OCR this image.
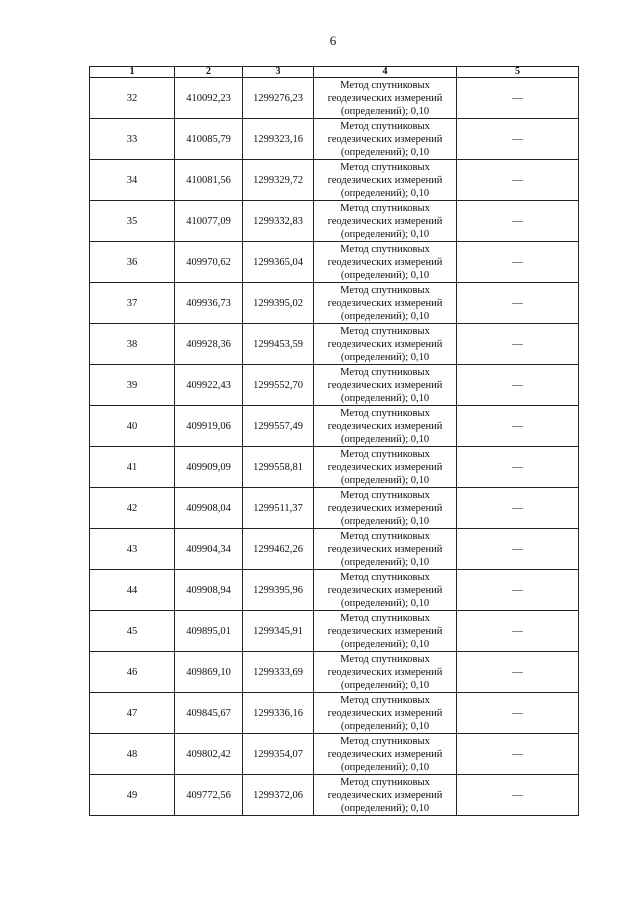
6
1	2	3	4	5
32	410092,23	1299276,23	Метод спутниковых
геодезических измерений
(определений); 0,10	—
33	410085,79	1299323,16	Метод спутниковых
геодезических измерений
(определений); 0,10	—
34	410081,56	1299329,72	Метод спутниковых
геодезических измерений
(определений); 0,10	—
35	410077,09	1299332,83	Метод спутниковых
геодезических измерений
(определений); 0,10	—
36	409970,62	1299365,04	Метод спутниковых
геодезических измерений
(определений); 0,10	—
37	409936,73	1299395,02	Метод спутниковых
геодезических измерений
(определений); 0,10	—
38	409928,36	1299453,59	Метод спутниковых
геодезических измерений
(определений); 0,10	—
39	409922,43	1299552,70	Метод спутниковых
геодезических измерений
(определений); 0,10	—
40	409919,06	1299557,49	Метод спутниковых
геодезических измерений
(определений); 0,10	—
41	409909,09	1299558,81	Метод спутниковых
геодезических измерений
(определений); 0,10	—
42	409908,04	1299511,37	Метод спутниковых
геодезических измерений
(определений); 0,10	—
43	409904,34	1299462,26	Метод спутниковых
геодезических измерений
(определений); 0,10	—
44	409908,94	1299395,96	Метод спутниковых
геодезических измерений
(определений); 0,10	—
45	409895,01	1299345,91	Метод спутниковых
геодезических измерений
(определений); 0,10	—
46	409869,10	1299333,69	Метод спутниковых
геодезических измерений
(определений); 0,10	—
47	409845,67	1299336,16	Метод спутниковых
геодезических измерений
(определений); 0,10	—
48	409802,42	1299354,07	Метод спутниковых
геодезических измерений
(определений); 0,10	—
49	409772,56	1299372,06	Метод спутниковых
геодезических измерений
(определений); 0,10	—
